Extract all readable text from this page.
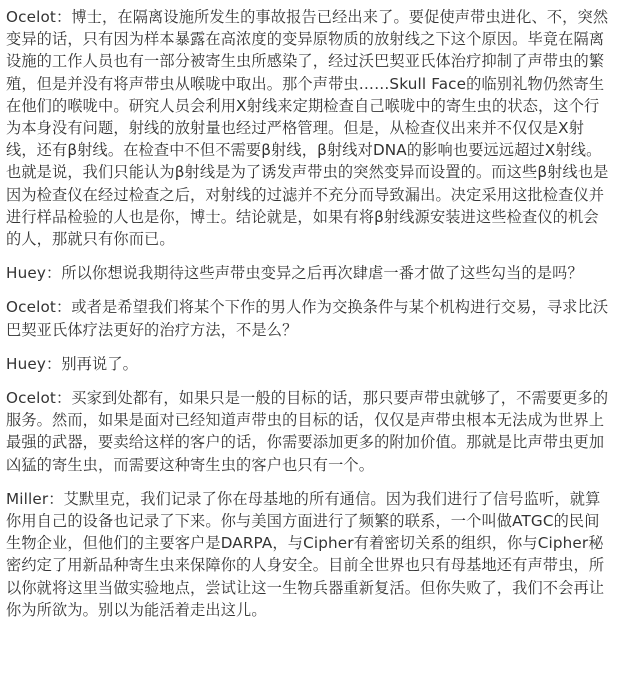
Ocelot：博士，在隔离设施所发生的事故报告已经出来了。要促使声带虫进化、不，突然变异的话，只有因为样本暴露在高浓度的变异原物质的放射线之下这个原因。毕竟在隔离设施的工作人员也有一部分被寄生虫所感染了，经过沃巴契亚氏体治疗抑制了声带虫的繁殖，但是并没有将声带虫从喉咙中取出。那个声带虫……Skull Face的临别礼物仍然寄生在他们的喉咙中。研究人员会利用X射线来定期检查自己喉咙中的寄生虫的状态，这个行为本身没有问题，射线的放射量也经过严格管理。但是，从检查仪出来并不仅仅是X射线，还有β射线。在检查中不但不需要β射线，β射线对DNA的影响也要远远超过X射线。也就是说，我们只能认为β射线是为了诱发声带虫的突然变异而设置的。而这些β射线也是因为检查仪在经过检查之后，对射线的过滤并不充分而导致漏出。决定采用这批检查仪并进行样品检验的人也是你，博士。结论就是，如果有将β射线源安装进这些检查仪的机会的人，那就只有你而已。

Huey：所以你想说我期待这些声带虫变异之后再次肆虐一番才做了这些勾当的是吗？

Ocelot：或者是希望我们将某个下作的男人作为交换条件与某个机构进行交易，寻求比沃巴契亚氏体疗法更好的治疗方法，不是么？

Huey：别再说了。

Ocelot：买家到处都有，如果只是一般的目标的话，那只要声带虫就够了，不需要更多的服务。然而，如果是面对已经知道声带虫的目标的话，仅仅是声带虫根本无法成为世界上最强的武器，要卖给这样的客户的话，你需要添加更多的附加价值。那就是比声带虫更加凶猛的寄生虫，而需要这种寄生虫的客户也只有一个。

Miller：艾默里克，我们记录了你在母基地的所有通信。因为我们进行了信号监听，就算你用自己的设备也记录了下来。你与美国方面进行了频繁的联系，一个叫做ATGC的民间生物企业，但他们的主要客户是DARPA，与Cipher有着密切关系的组织，你与Cipher秘密约定了用新品种寄生虫来保障你的人身安全。目前全世界也只有母基地还有声带虫，所以你就将这里当做实验地点，尝试让这一生物兵器重新复活。但你失败了，我们不会再让你为所欲为。别以为能活着走出这儿。
